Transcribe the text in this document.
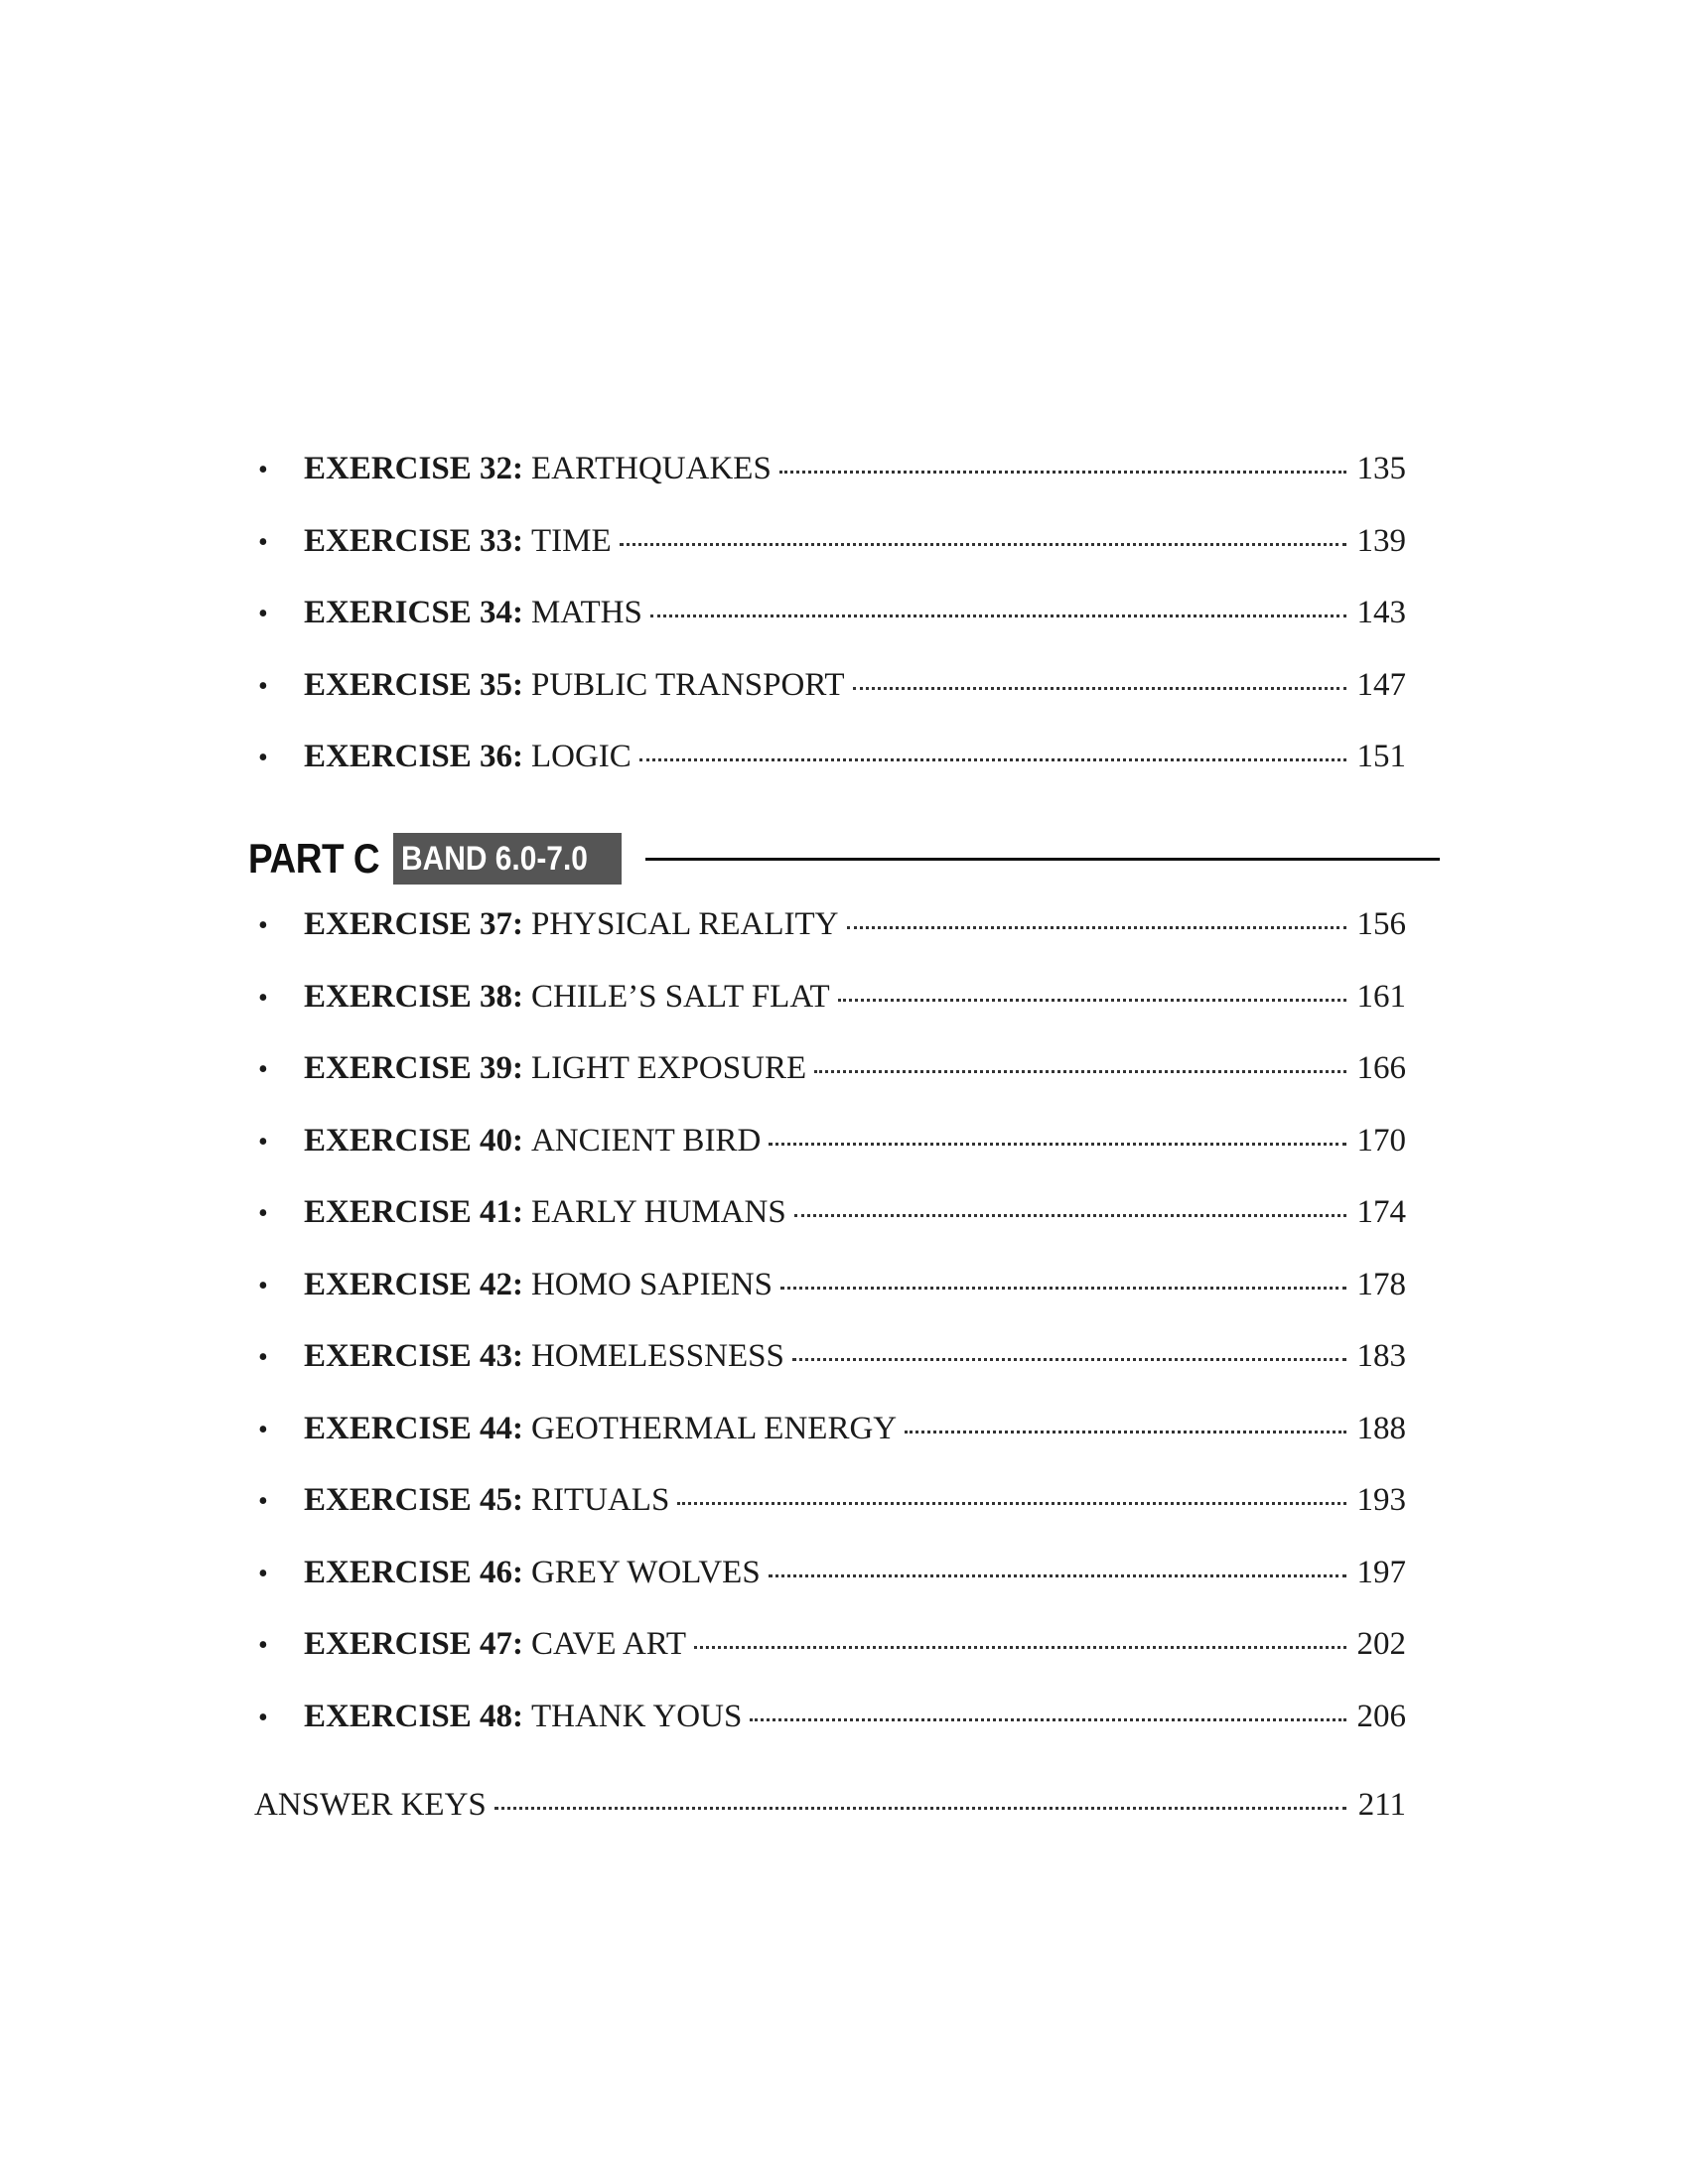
•	EXERCISE 32: EARTHQUAKES	135
•	EXERCISE 33: TIME	139
•	EXERICSE 34: MATHS	143
•	EXERCISE 35: PUBLIC TRANSPORT	147
•	EXERCISE 36: LOGIC	151
PART C BAND 6.0-7.0
•	EXERCISE 37: PHYSICAL REALITY	156
•	EXERCISE 38: CHILE’S SALT FLAT	161
•	EXERCISE 39: LIGHT EXPOSURE	166
•	EXERCISE 40: ANCIENT BIRD	170
•	EXERCISE 41: EARLY HUMANS	174
•	EXERCISE 42: HOMO SAPIENS	178
•	EXERCISE 43: HOMELESSNESS	183
•	EXERCISE 44: GEOTHERMAL ENERGY	188
•	EXERCISE 45: RITUALS	193
•	EXERCISE 46: GREY WOLVES	197
•	EXERCISE 47: CAVE ART	202
•	EXERCISE 48: THANK YOUS	206
ANSWER KEYS	211
